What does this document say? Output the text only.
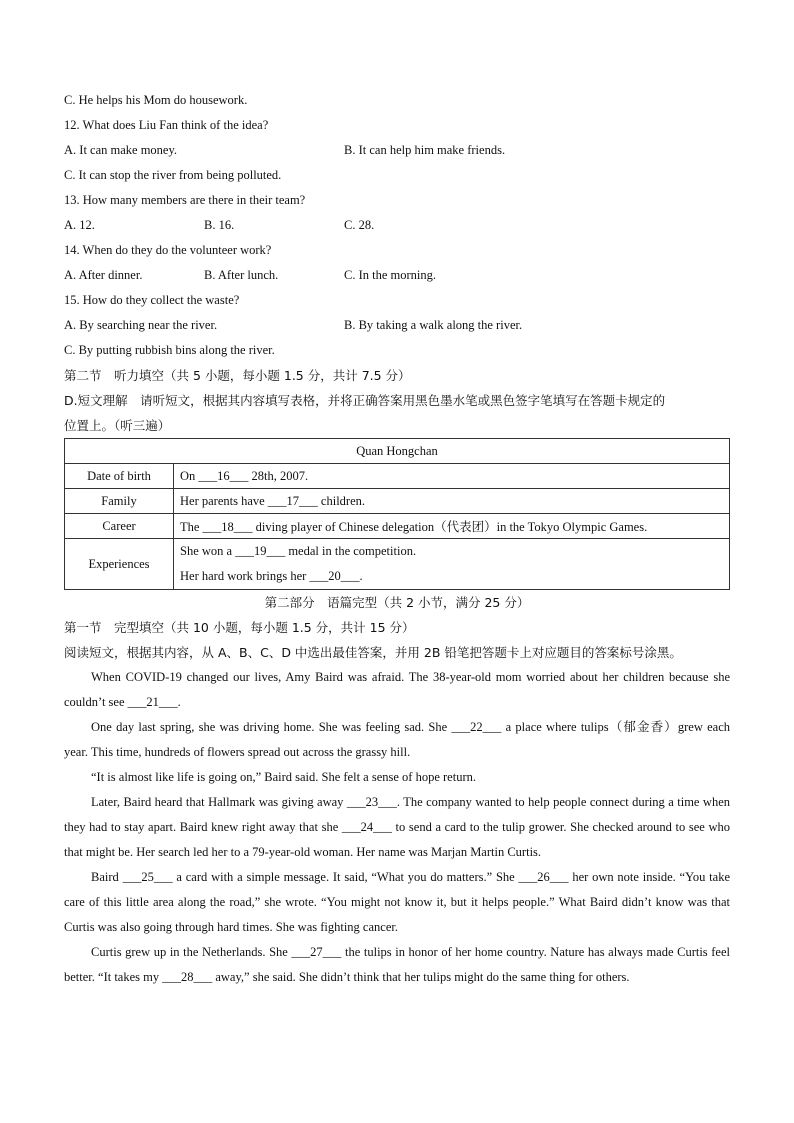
C. He helps his Mom do housework.
12. What does Liu Fan think of the idea?
A. It can make money.	B. It can help him make friends.
C. It can stop the river from being polluted.
13. How many members are there in their team?
A. 12.	B. 16.	C. 28.
14. When do they do the volunteer work?
A. After dinner.	B. After lunch.	C. In the morning.
15. How do they collect the waste?
A. By searching near the river.	B. By taking a walk along the river.
C. By putting rubbish bins along the river.
第二节　听力填空（共 5 小题，每小题 1.5 分，共计 7.5 分）
D.短文理解　请听短文，根据其内容填写表格，并将正确答案用黑色墨水笔或黑色签字笔填写在答题卡规定的
位置上。（听三遍）
Quan Hongchan	
Date of birth	On ___16___ 28th, 2007.
Family	Her parents have ___17___ children.
Career	The ___18___ diving player of Chinese delegation（代表团）in the Tokyo Olympic Games.
Experiences	She won a ___19___ medal in the competition.
Her hard work brings her ___20___.
第二部分　语篇完型（共 2 小节，满分 25 分）
第一节　完型填空（共 10 小题，每小题 1.5 分，共计 15 分）
阅读短文，根据其内容，从 A、B、C、D 中选出最佳答案，并用 2B 铅笔把答题卡上对应题目的答案标号涂黑。
When COVID-19 changed our lives, Amy Baird was afraid. The 38-year-old mom worried about her children because she couldn’t see ___21___.
One day last spring, she was driving home. She was feeling sad. She ___22___ a place where tulips（郁金香）grew each year. This time, hundreds of flowers spread out across the grassy hill.
“It is almost like life is going on,” Baird said. She felt a sense of hope return.
Later, Baird heard that Hallmark was giving away ___23___. The company wanted to help people connect during a time when they had to stay apart. Baird knew right away that she ___24___ to send a card to the tulip grower. She checked around to see who that might be. Her search led her to a 79-year-old woman. Her name was Marjan Martin Curtis.
Baird ___25___ a card with a simple message. It said, “What you do matters.” She ___26___ her own note inside. “You take care of this little area along the road,” she wrote. “You might not know it, but it helps people.” What Baird didn’t know was that Curtis was also going through hard times. She was fighting cancer.
Curtis grew up in the Netherlands. She ___27___ the tulips in honor of her home country. Nature has always made Curtis feel better. “It takes my ___28___ away,” she said. She didn’t think that her tulips might do the same thing for others.
